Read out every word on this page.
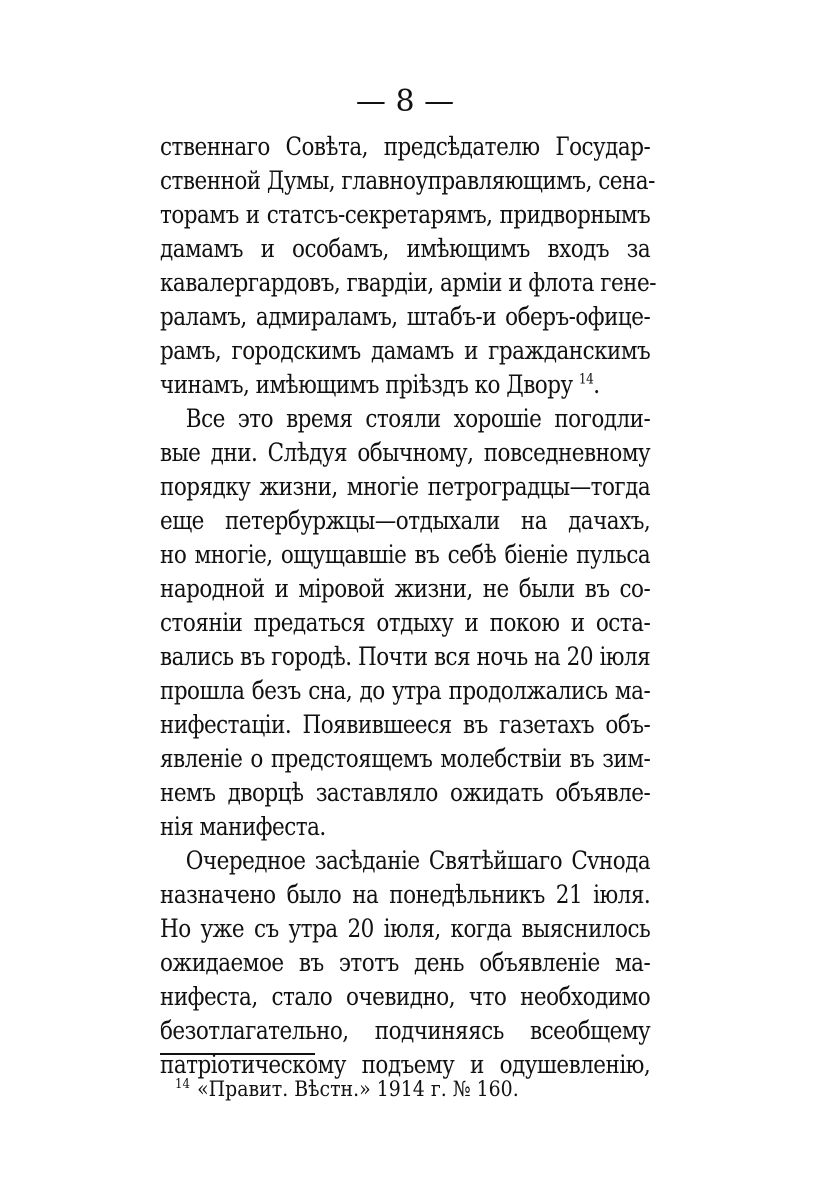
— 8 —
ственнаго Совѣта, предсѣдателю Государ-
ственной Думы, главноуправляющимъ, сена-
торамъ и статсъ-секретарямъ, придворнымъ
дамамъ и особамъ, имѣющимъ входъ за
кавалергардовъ, гвардіи, арміи и флота гене-
раламъ, адмираламъ, штабъ-и оберъ-офице-
рамъ, городскимъ дамамъ и гражданскимъ
чинамъ, имѣющимъ пріѣздъ ко Двору $^{14}$.
Все это время стояли хорошіе погодли-
вые дни. Слѣдуя обычному, повседневному
порядку жизни, многіе петроградцы—тогда
еще петербуржцы—отдыхали на дачахъ,
но многіе, ощущавшіе въ себѣ біеніе пульса
народной и міровой жизни, не были въ со-
стояніи предаться отдыху и покою и оста-
вались въ городѣ. Почти вся ночь на 20 іюля
прошла безъ сна, до утра продолжались ма-
нифестаціи. Появившееся въ газетахъ объ-
явленіе о предстоящемъ молебствіи въ зим-
немъ дворцѣ заставляло ожидать объявле-
нія манифеста.
Очередное засѣданіе Святѣйшаго Сvнода
назначено было на понедѣльникъ 21 іюля.
Но уже съ утра 20 іюля, когда выяснилось
ожидаемое въ этотъ день объявленіе ма-
нифеста, стало очевидно, что необходимо
безотлагательно, подчиняясь всеобщему
патріотическому подъему и одушевленію,
$^{14}$ «Правит. Вѣстн.» 1914 г. № 160.
